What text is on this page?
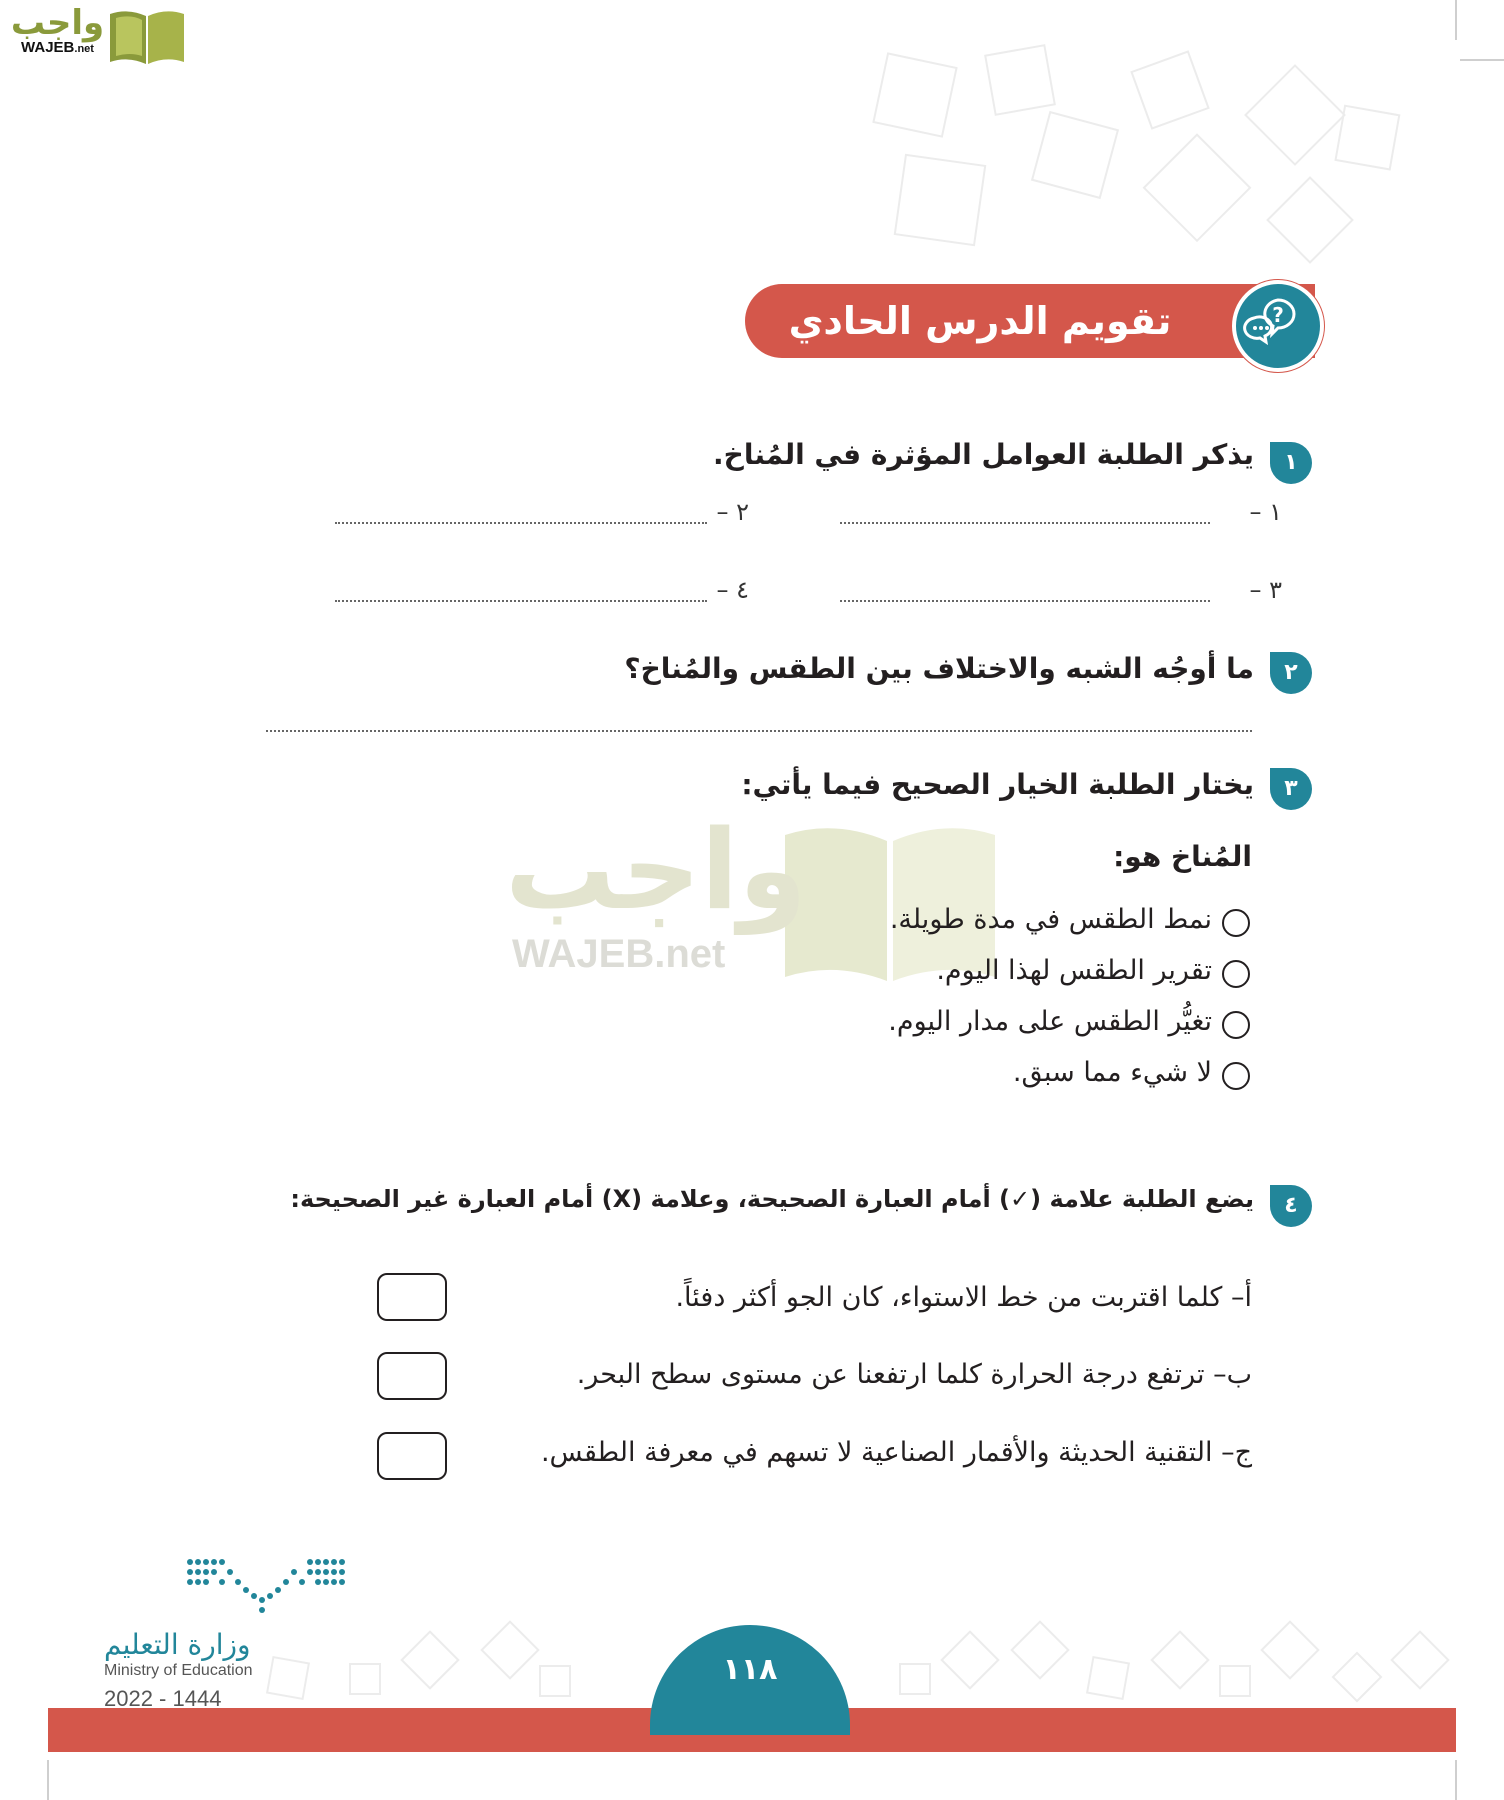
واجب
WAJEB.net
تقويم الدرس الحادي عشر
?
١
يذكر الطلبة العوامل المؤثرة في المُناخ.
١ –
٢ –
٣ –
٤ –
٢
ما أوجُه الشبه والاختلاف بين الطقس والمُناخ؟
٣
يختار الطلبة الخيار الصحيح فيما يأتي:
واجب
WAJEB.net
المُناخ هو:
نمط الطقس في مدة طويلة.
تقرير الطقس لهذا اليوم.
تغيُّر الطقس على مدار اليوم.
لا شيء مما سبق.
٤
يضع الطلبة علامة (✓) أمام العبارة الصحيحة، وعلامة (X) أمام العبارة غير الصحيحة:
أ– كلما اقتربت من خط الاستواء، كان الجو أكثر دفئاً.
ب– ترتفع درجة الحرارة كلما ارتفعنا عن مستوى سطح البحر.
ج– التقنية الحديثة والأقمار الصناعية لا تسهم في معرفة الطقس.
١١٨
وزارة التعليم
Ministry of Education
2022 - 1444
